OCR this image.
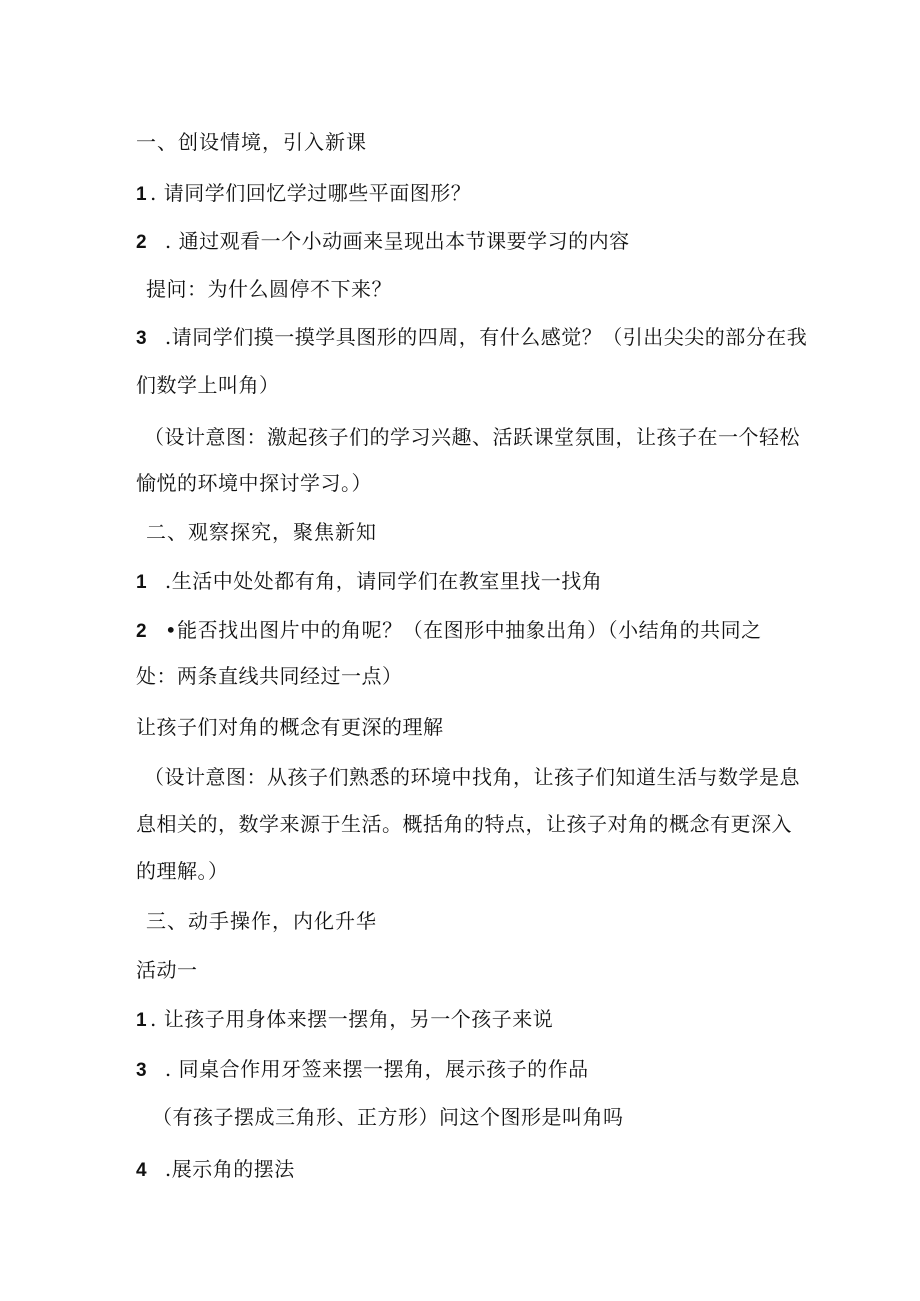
一、创设情境，引入新课
1 . 请同学们回忆学过哪些平面图形？
2 . 通过观看一个小动画来呈现出本节课要学习的内容
提问：为什么圆停不下来？
3 .请同学们摸一摸学具图形的四周，有什么感觉？（引出尖尖的部分在我
们数学上叫角）
（设计意图：激起孩子们的学习兴趣、活跃课堂氛围，让孩子在一个轻松
愉悦的环境中探讨学习。）
二、观察探究，聚焦新知
1 .生活中处处都有角，请同学们在教室里找一找角
2 •能否找出图片中的角呢？（在图形中抽象出角）（小结角的共同之
处：两条直线共同经过一点）
让孩子们对角的概念有更深的理解
（设计意图：从孩子们熟悉的环境中找角，让孩子们知道生活与数学是息
息相关的，数学来源于生活。概括角的特点，让孩子对角的概念有更深入
的理解。）
三、动手操作，内化升华
活动一
1 . 让孩子用身体来摆一摆角，另一个孩子来说
3 . 同桌合作用牙签来摆一摆角，展示孩子的作品
（有孩子摆成三角形、正方形）问这个图形是叫角吗
4 .展示角的摆法
